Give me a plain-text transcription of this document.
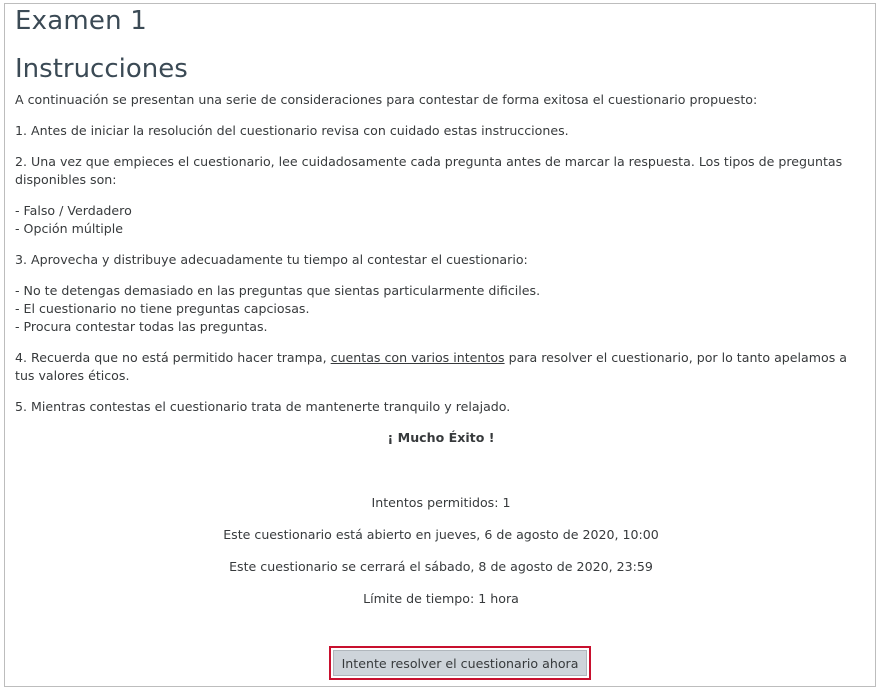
Examen 1
Instrucciones

A continuación se presentan una serie de consideraciones para contestar de forma exitosa el cuestionario propuesto:

1. Antes de iniciar la resolución del cuestionario revisa con cuidado estas instrucciones.

2. Una vez que empieces el cuestionario, lee cuidadosamente cada pregunta antes de marcar la respuesta. Los tipos de preguntas disponibles son:

- Falso / Verdadero
- Opción múltiple

3. Aprovecha y distribuye adecuadamente tu tiempo al contestar el cuestionario:

- No te detengas demasiado en las preguntas que sientas particularmente dificiles.
- El cuestionario no tiene preguntas capciosas.
- Procura contestar todas las preguntas.

4. Recuerda que no está permitido hacer trampa, cuentas con varios intentos para resolver el cuestionario, por lo tanto apelamos a tus valores éticos.

5. Mientras contestas el cuestionario trata de mantenerte tranquilo y relajado.

¡ Mucho Éxito !

Intentos permitidos: 1
Este cuestionario está abierto en jueves, 6 de agosto de 2020, 10:00
Este cuestionario se cerrará el sábado, 8 de agosto de 2020, 23:59
Límite de tiempo: 1 hora
Intente resolver el cuestionario ahora
